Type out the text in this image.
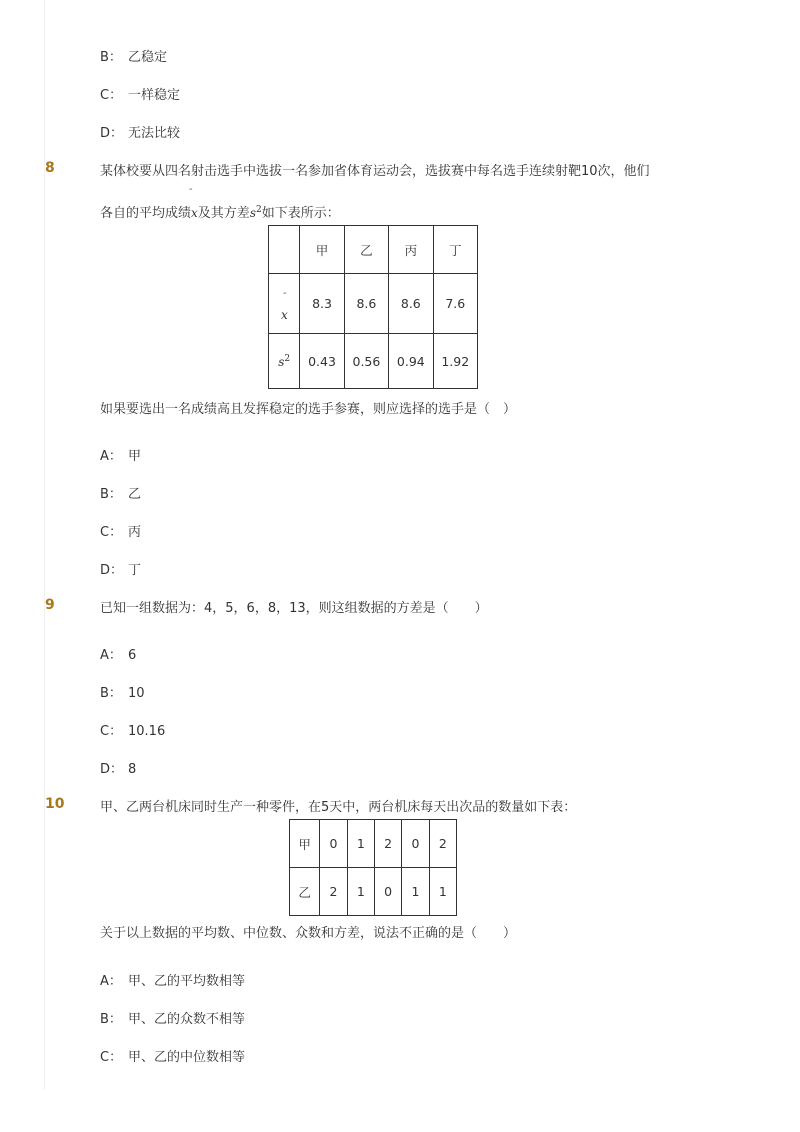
B： 乙稳定
C： 一样稳定
D： 无法比较
8	某体校要从四名射击选手中选拔一名参加省体育运动会，选拔赛中每名选手连续射靶10次，他们
-
各自的平均成绩x及其方差$s^2$如下表所示：
	甲	乙	丙	丁

-
x	8.3	8.6	8.6	7.6
$s^2$	0.43	0.56	0.94	1.92
如果要选出一名成绩高且发挥稳定的选手参赛，则应选择的选手是（　）
A： 甲
B： 乙
C： 丙
D： 丁
9	已知一组数据为：4，5，6，8，13，则这组数据的方差是（　　）
A： 6
B： 10
C： 10.16
D： 8
10	甲、乙两台机床同时生产一种零件，在5天中，两台机床每天出次品的数量如下表：
甲	0	1	2	0	2
乙	2	1	0	1	1
关于以上数据的平均数、中位数、众数和方差，说法不正确的是（　　）
A： 甲、乙的平均数相等
B： 甲、乙的众数不相等
C： 甲、乙的中位数相等
